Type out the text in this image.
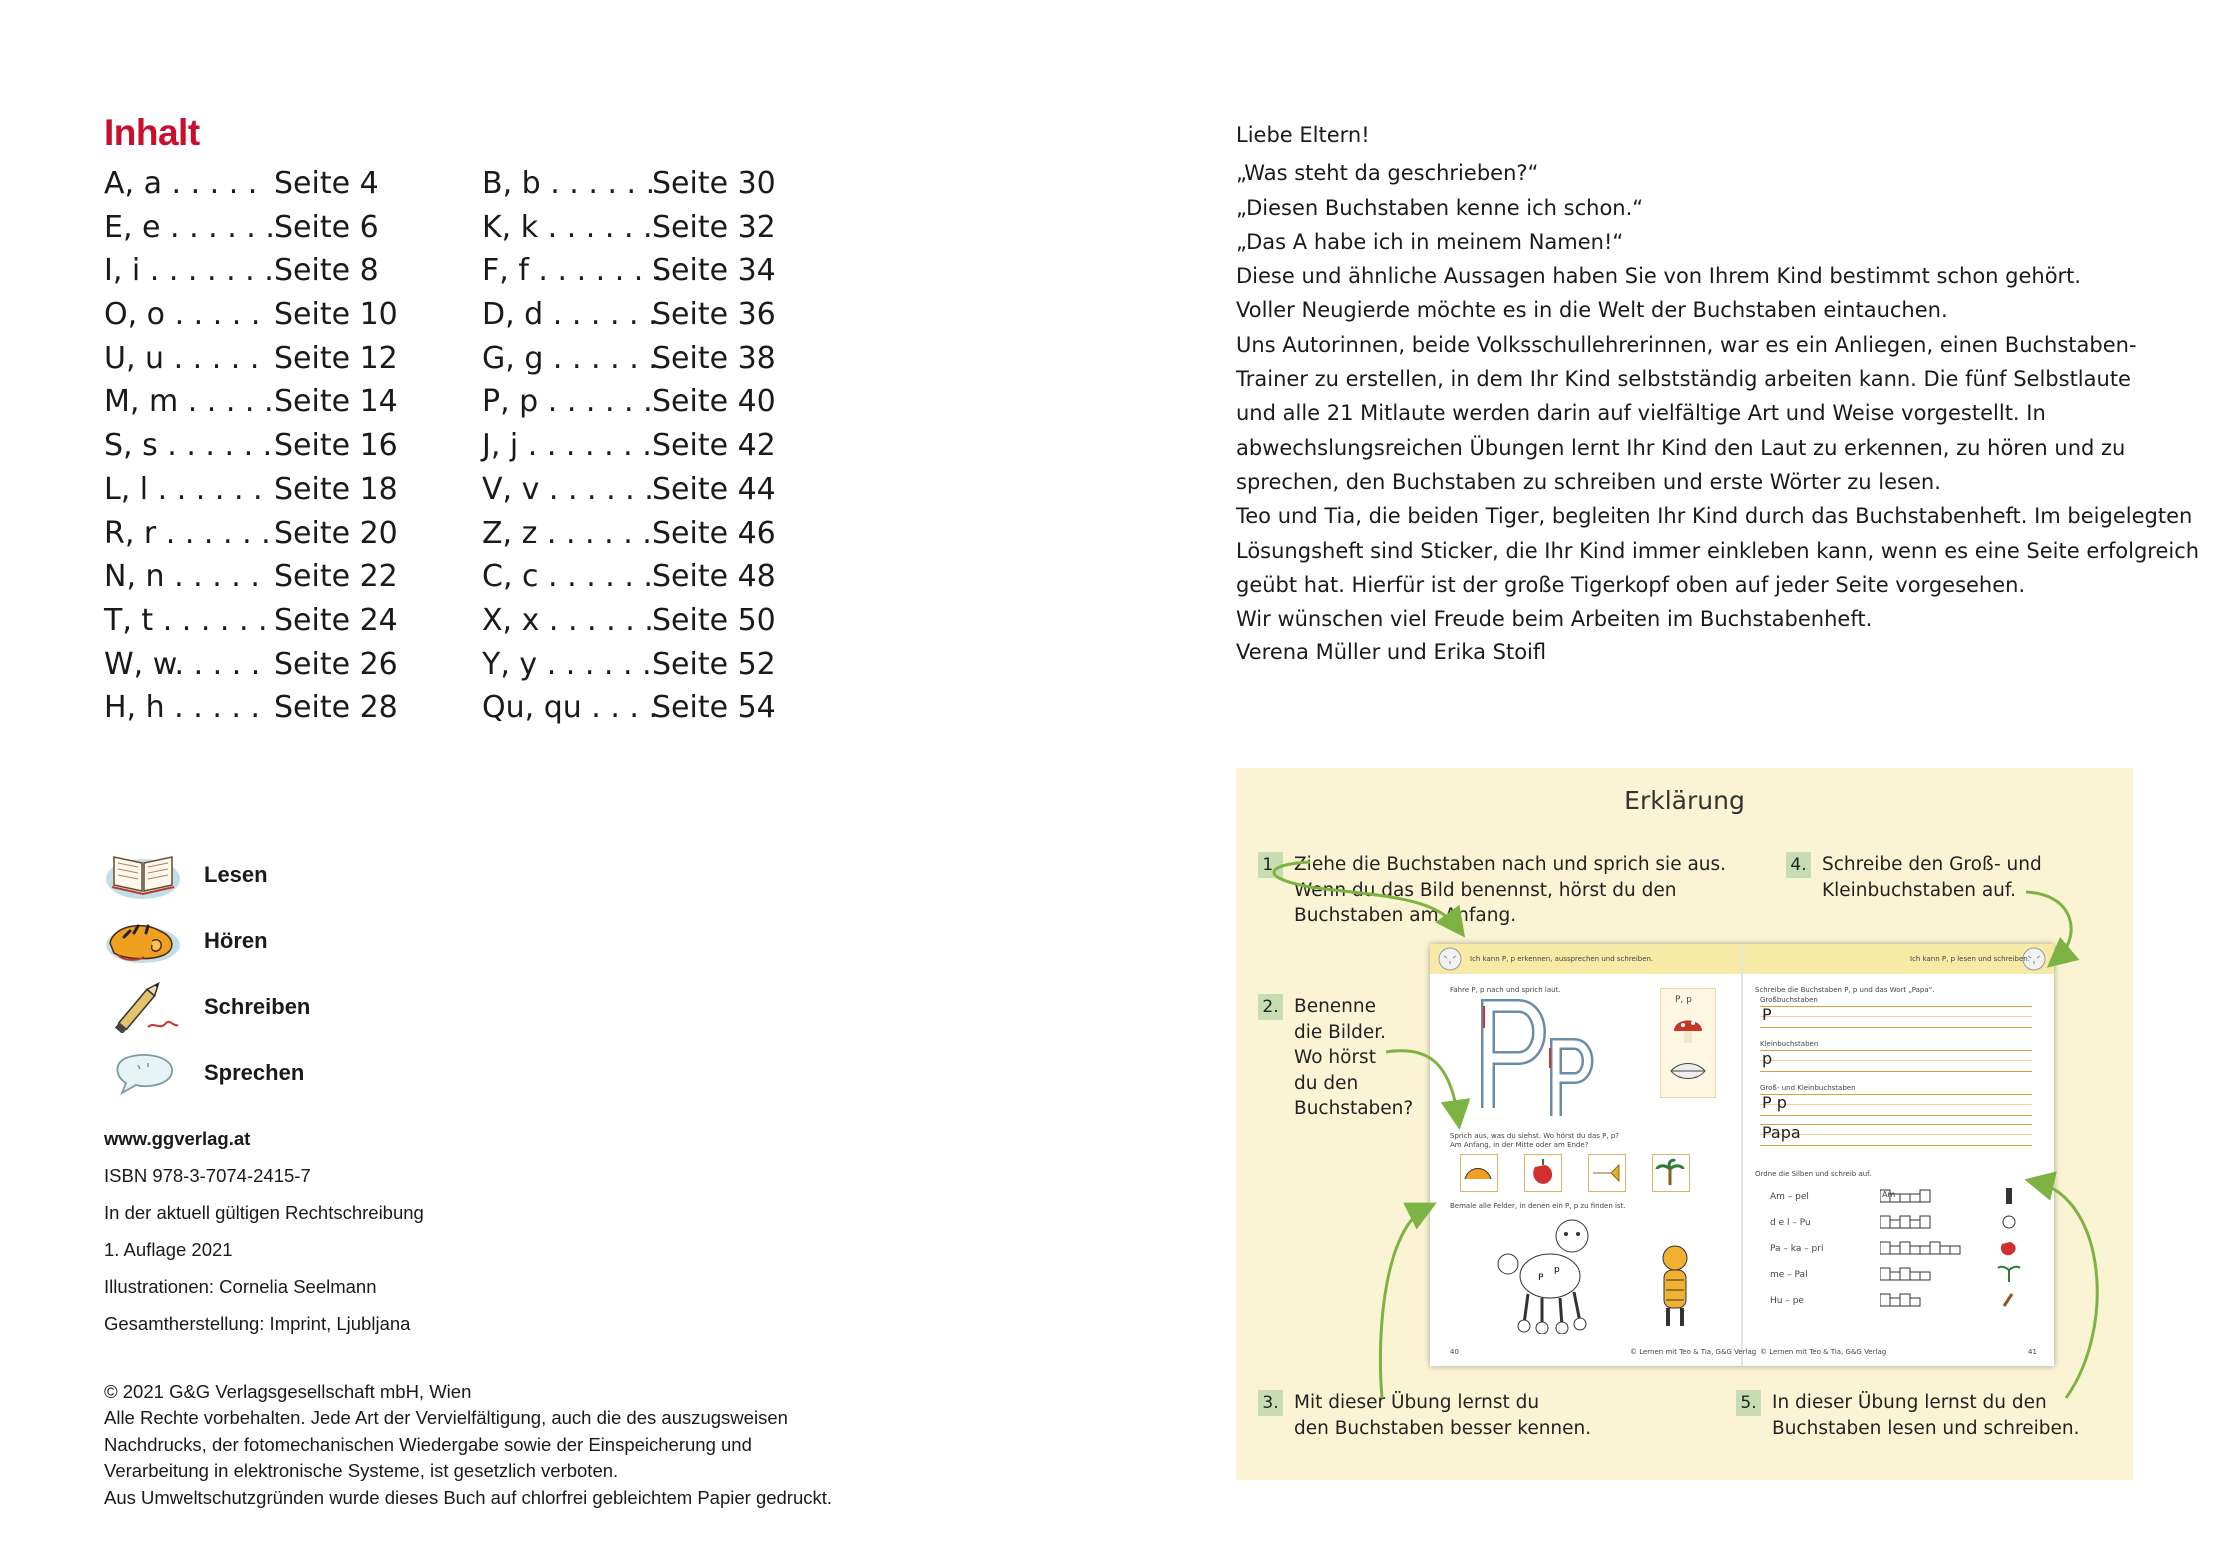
Inhalt
A, a . . . . . Seite 4
E, e . . . . . .Seite 6
I, i . . . . . . .Seite 8
O, o . . . . . Seite 10
U, u . . . . . Seite 12
M, m . . . . .Seite 14
S, s . . . . . .Seite 16
L, l . . . . . . Seite 18
R, r . . . . . . Seite 20
N, n . . . . . Seite 22
T, t . . . . . . Seite 24
W, w. . . . . Seite 26
H, h . . . . . Seite 28
B, b . . . . . .Seite 30
K, k . . . . . .Seite 32
F, f . . . . . . .Seite 34
D, d . . . . . .Seite 36
G, g . . . . . .Seite 38
P, p . . . . . .Seite 40
J, j . . . . . . .Seite 42
V, v . . . . . .Seite 44
Z, z . . . . . .Seite 46
C, c . . . . . .Seite 48
X, x . . . . . .Seite 50
Y, y . . . . . .Seite 52
Qu, qu . . . .Seite 54
Lesen
Hören
Schreiben
Sprechen
www.ggverlag.at
ISBN 978-3-7074-2415-7
In der aktuell gültigen Rechtschreibung
1. Auflage 2021
Illustrationen: Cornelia Seelmann
Gesamtherstellung: Imprint, Ljubljana
© 2021 G&G Verlagsgesellschaft mbH, Wien
Alle Rechte vorbehalten. Jede Art der Vervielfältigung, auch die des auszugsweisen
Nachdrucks, der fotomechanischen Wiedergabe sowie der Einspeicherung und
Verarbeitung in elektronische Systeme, ist gesetzlich verboten.
Aus Umweltschutzgründen wurde dieses Buch auf chlorfrei gebleichtem Papier gedruckt.

Liebe Eltern!

„Was steht da geschrieben?“

„Diesen Buchstaben kenne ich schon.“

„Das A habe ich in meinem Namen!“

Diese und ähnliche Aussagen haben Sie von Ihrem Kind bestimmt schon gehört.

Voller Neugierde möchte es in die Welt der Buchstaben eintauchen.

Uns Autorinnen, beide Volksschullehrerinnen, war es ein Anliegen, einen Buchstaben-

Trainer zu erstellen, in dem Ihr Kind selbstständig arbeiten kann. Die fünf Selbstlaute

und alle 21 Mitlaute werden darin auf vielfältige Art und Weise vorgestellt. In

abwechslungsreichen Übungen lernt Ihr Kind den Laut zu erkennen, zu hören und zu

sprechen, den Buchstaben zu schreiben und erste Wörter zu lesen.

Teo und Tia, die beiden Tiger, begleiten Ihr Kind durch das Buchstabenheft. Im beigelegten

Lösungsheft sind Sticker, die Ihr Kind immer einkleben kann, wenn es eine Seite erfolgreich

geübt hat. Hierfür ist der große Tigerkopf oben auf jeder Seite vorgesehen.

Wir wünschen viel Freude beim Arbeiten im Buchstabenheft.

Verena Müller und Erika Stoifl
Erklärung
1. Ziehe die Buchstaben nach und sprich sie aus.
Wenn du das Bild benennst, hörst du den
Buchstaben am Anfang.
4. Schreibe den Groß- und
Kleinbuchstaben auf.
2. Benenne
die Bilder.
Wo hörst
du den
Buchstaben?
3. Mit dieser Übung lernst du
den Buchstaben besser kennen.
5. In dieser Übung lernst du den
Buchstaben lesen und schreiben.
Ich kann P, p erkennen, aussprechen und schreiben.	Ich kann P, p lesen und schreiben.
Fahre P, p nach und sprich laut.
P, p
Sprich aus, was du siehst. Wo hörst du das P, p?
Am Anfang, in der Mitte oder am Ende?
Bemale alle Felder, in denen ein P, p zu finden ist.
P
p
40	© Lernen mit Teo & Tia, G&G Verlag
Schreibe die Buchstaben P, p und das Wort „Papa“.
Großbuchstaben
P
Kleinbuchstaben
p
Groß- und Kleinbuchstaben
P p
Papa
Ordne die Silben und schreib auf.
Am – pel
d e l – Pu
Pa – ka – pri
me – Pal
Hu – pe
Am
© Lernen mit Teo & Tia, G&G Verlag	41
